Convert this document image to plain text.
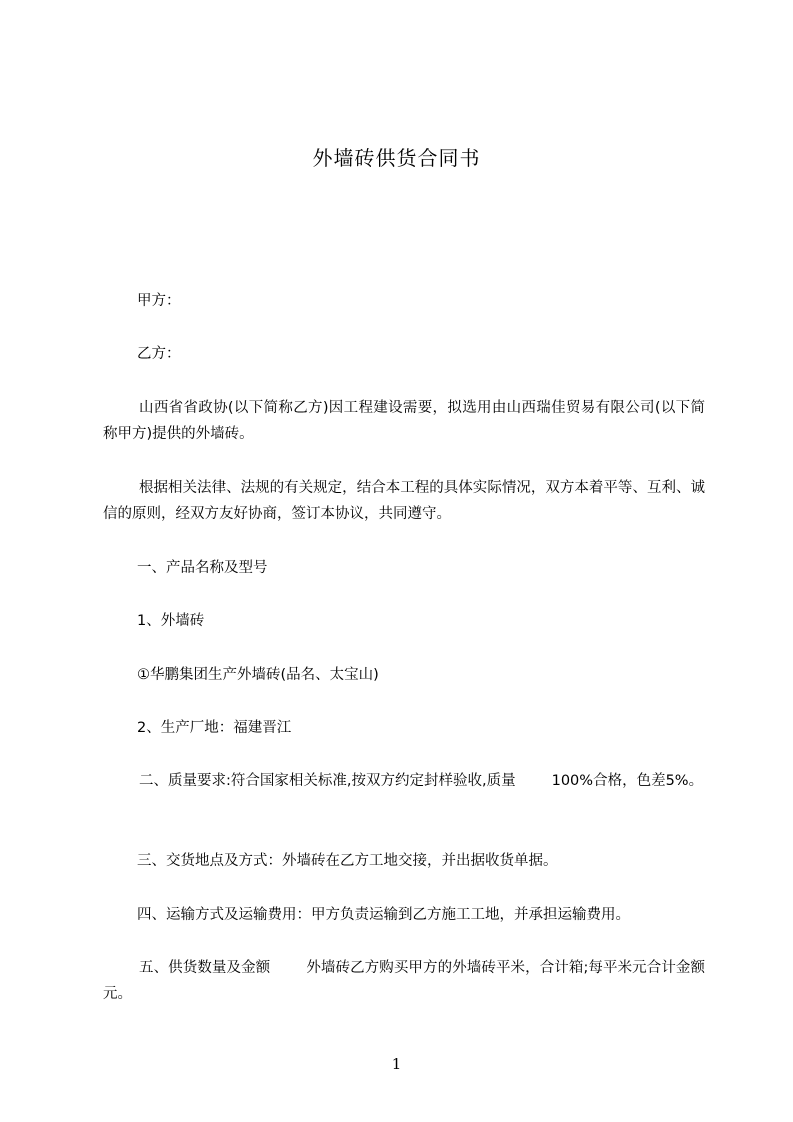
外墙砖供货合同书
甲方：
乙方：
山西省省政协(以下简称乙方)因工程建设需要，拟选用由山西瑞佳贸易有限公司(以下简称甲方)提供的外墙砖。
根据相关法律、法规的有关规定，结合本工程的具体实际情况，双方本着平等、互利、诚信的原则，经双方友好协商，签订本协议，共同遵守。
一、产品名称及型号
1、外墙砖
①华鹏集团生产外墙砖(品名、太宝山)
2、生产厂地：福建晋江
二、质量要求:符合国家相关标准,按双方约定封样验收,质量 100%合格，色差5%。
三、交货地点及方式：外墙砖在乙方工地交接，并出据收货单据。
四、运输方式及运输费用：甲方负责运输到乙方施工工地，并承担运输费用。
五、供货数量及金额 外墙砖乙方购买甲方的外墙砖平米，合计箱;每平米元合计金额元。
1
